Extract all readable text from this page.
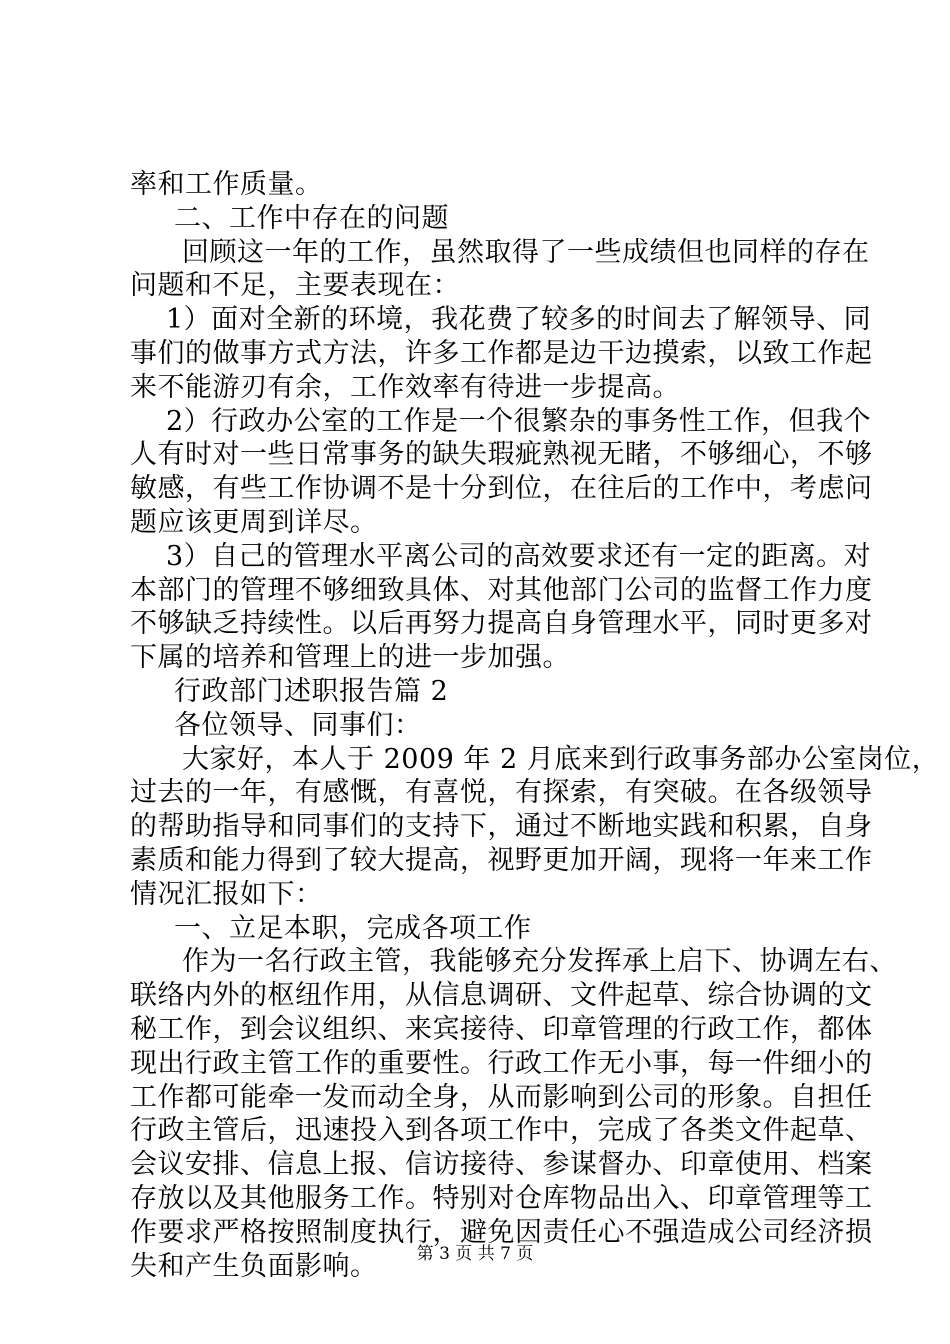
率和工作质量。
二、工作中存在的问题
回顾这一年的工作，虽然取得了一些成绩但也同样的存在
问题和不足，主要表现在：
1）面对全新的环境，我花费了较多的时间去了解领导、同
事们的做事方式方法，许多工作都是边干边摸索，以致工作起
来不能游刃有余，工作效率有待进一步提高。
2）行政办公室的工作是一个很繁杂的事务性工作，但我个
人有时对一些日常事务的缺失瑕疵熟视无睹，不够细心，不够
敏感，有些工作协调不是十分到位，在往后的工作中，考虑问
题应该更周到详尽。
3）自己的管理水平离公司的高效要求还有一定的距离。对
本部门的管理不够细致具体、对其他部门公司的监督工作力度
不够缺乏持续性。以后再努力提高自身管理水平，同时更多对
下属的培养和管理上的进一步加强。
行政部门述职报告篇 2
各位领导、同事们：
大家好，本人于 2009 年 2 月底来到行政事务部办公室岗位，
过去的一年，有感慨，有喜悦，有探索，有突破。在各级领导
的帮助指导和同事们的支持下，通过不断地实践和积累，自身
素质和能力得到了较大提高，视野更加开阔，现将一年来工作
情况汇报如下：
一、立足本职，完成各项工作
作为一名行政主管，我能够充分发挥承上启下、协调左右、
联络内外的枢纽作用，从信息调研、文件起草、综合协调的文
秘工作，到会议组织、来宾接待、印章管理的行政工作，都体
现出行政主管工作的重要性。行政工作无小事，每一件细小的
工作都可能牵一发而动全身，从而影响到公司的形象。自担任
行政主管后，迅速投入到各项工作中，完成了各类文件起草、
会议安排、信息上报、信访接待、参谋督办、印章使用、档案
存放以及其他服务工作。特别对仓库物品出入、印章管理等工
作要求严格按照制度执行，避免因责任心不强造成公司经济损
失和产生负面影响。	第 3 页 共 7 页
